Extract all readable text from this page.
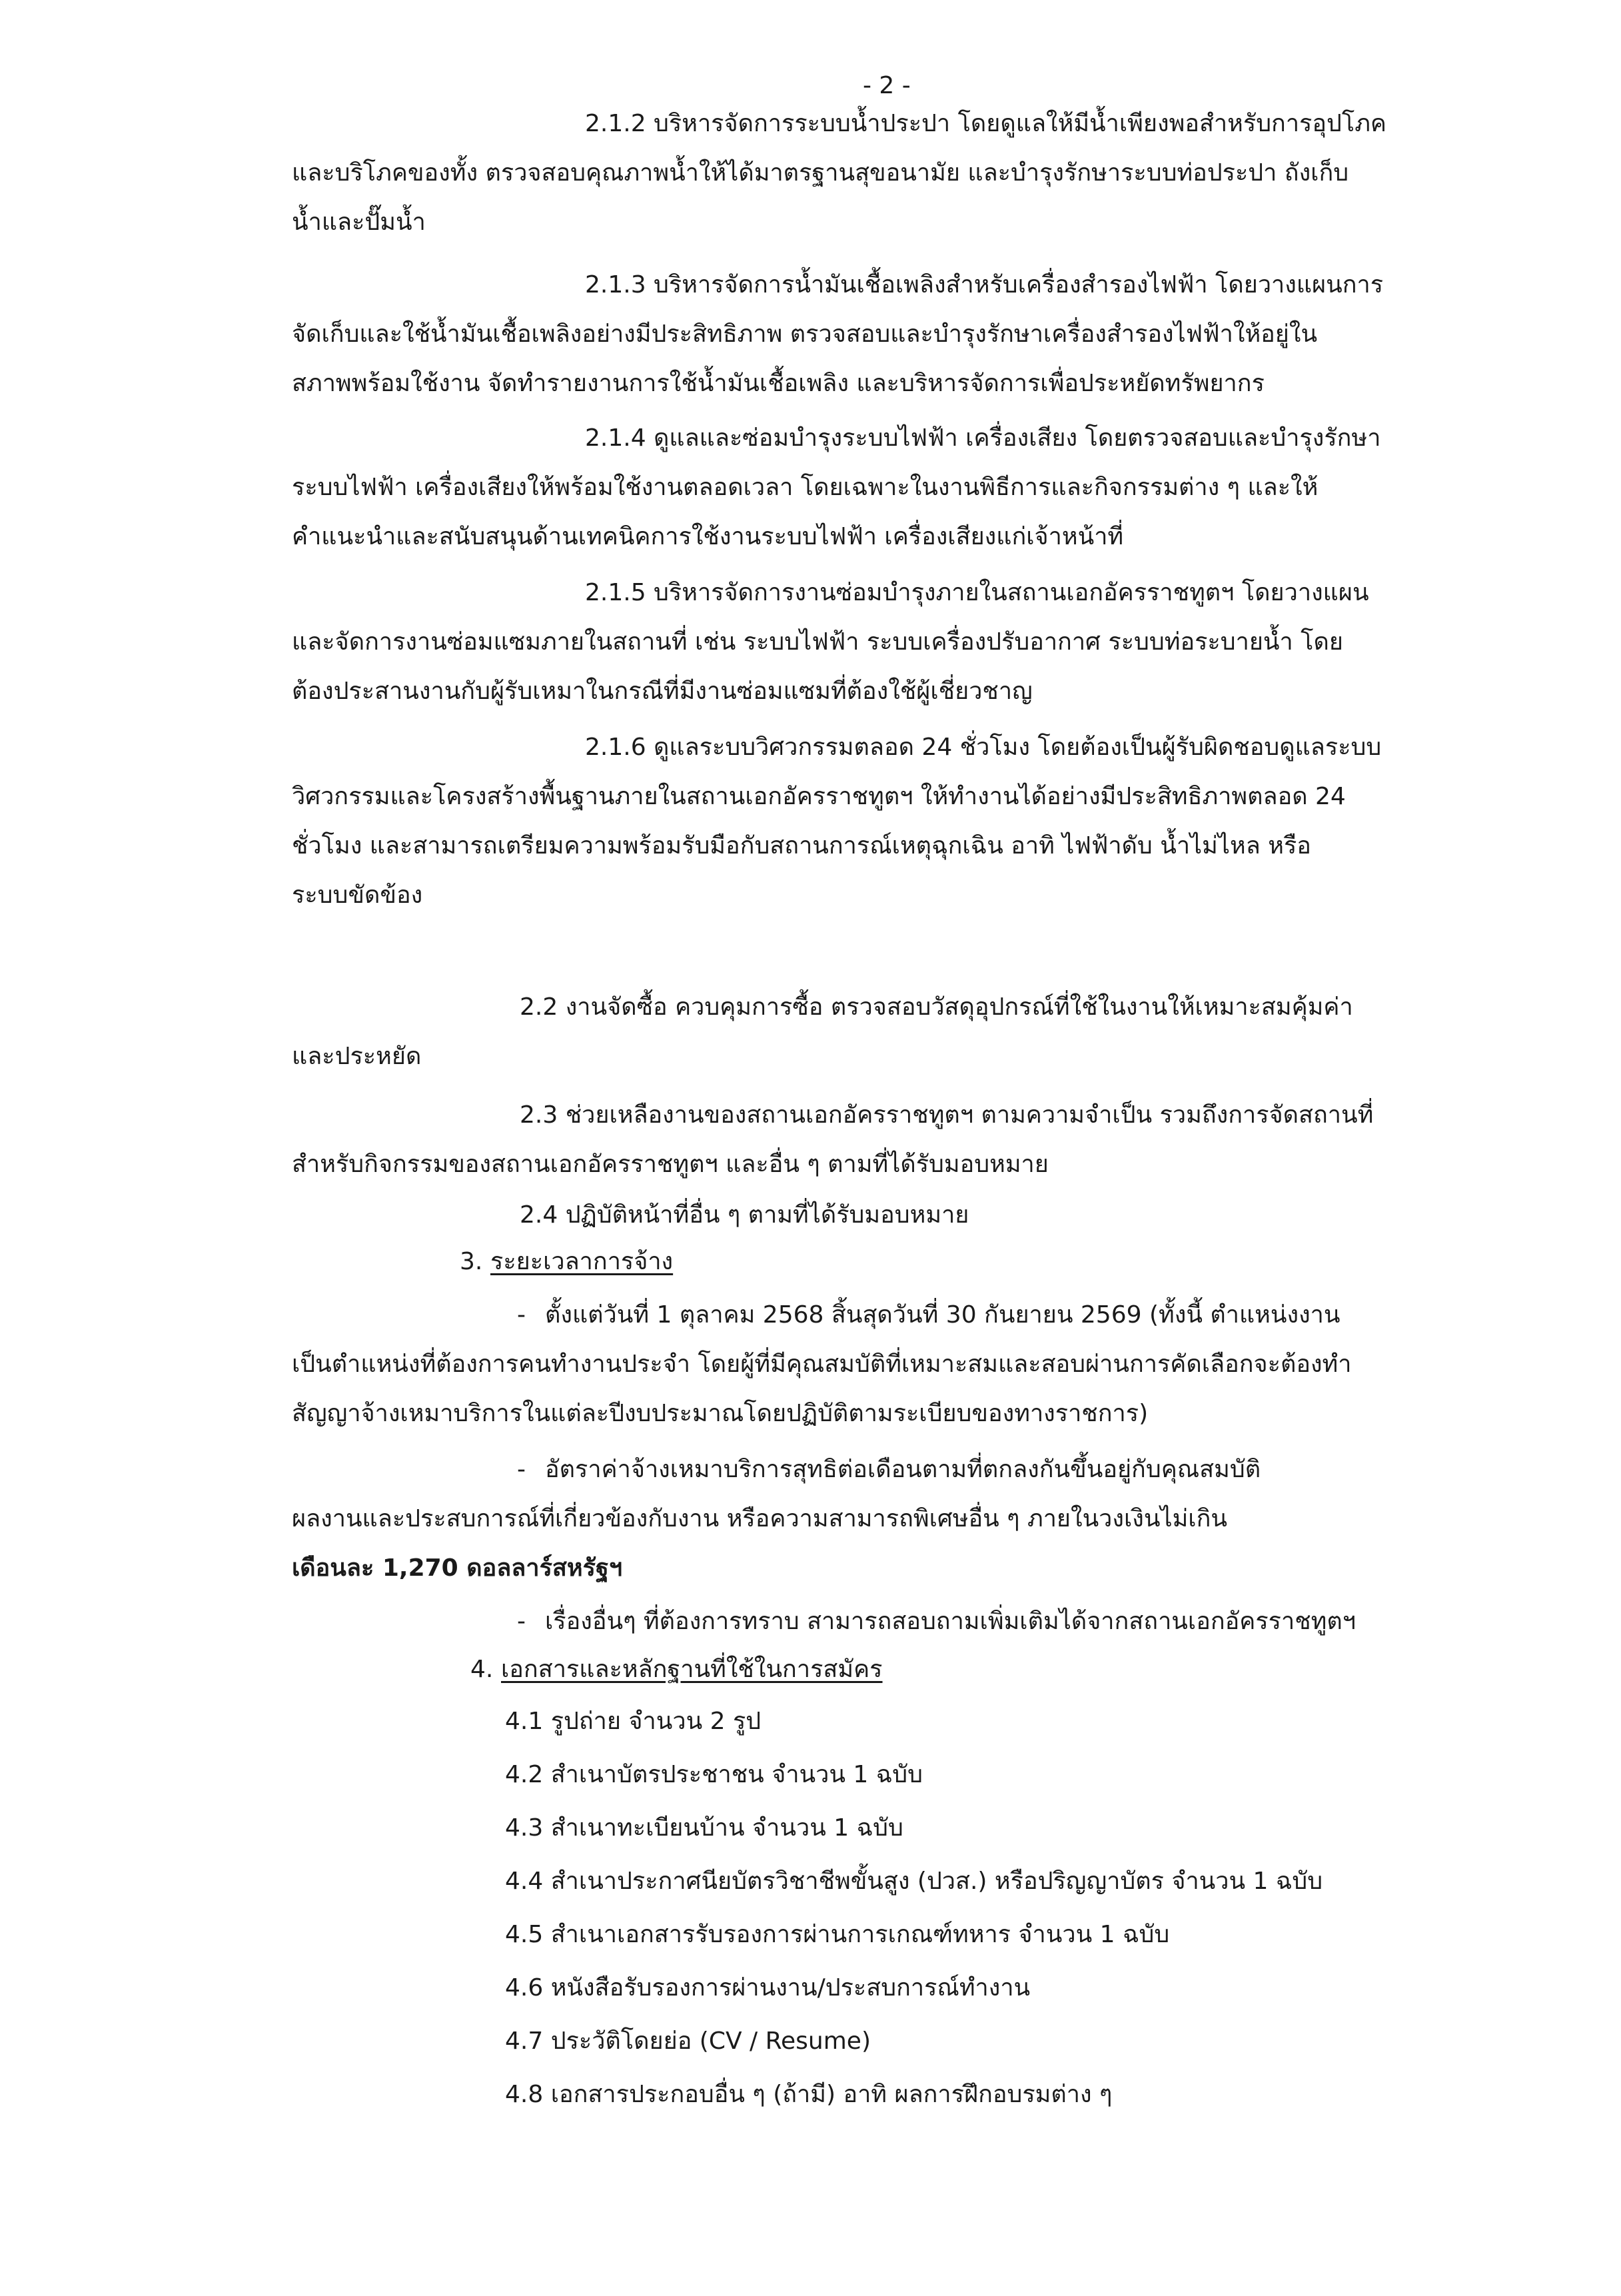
- 2 -
2.1.2 บริหารจัดการระบบน้ำประปา โดยดูแลให้มีน้ำเพียงพอสำหรับการอุปโภค
และบริโภคของทั้ง ตรวจสอบคุณภาพน้ำให้ได้มาตรฐานสุขอนามัย และบำรุงรักษาระบบท่อประปา ถังเก็บ
น้ำและปั๊มน้ำ
2.1.3 บริหารจัดการน้ำมันเชื้อเพลิงสำหรับเครื่องสำรองไฟฟ้า โดยวางแผนการ
จัดเก็บและใช้น้ำมันเชื้อเพลิงอย่างมีประสิทธิภาพ ตรวจสอบและบำรุงรักษาเครื่องสำรองไฟฟ้าให้อยู่ใน
สภาพพร้อมใช้งาน จัดทำรายงานการใช้น้ำมันเชื้อเพลิง และบริหารจัดการเพื่อประหยัดทรัพยากร
2.1.4 ดูแลและซ่อมบำรุงระบบไฟฟ้า เครื่องเสียง โดยตรวจสอบและบำรุงรักษา
ระบบไฟฟ้า เครื่องเสียงให้พร้อมใช้งานตลอดเวลา โดยเฉพาะในงานพิธีการและกิจกรรมต่าง ๆ และให้
คำแนะนำและสนับสนุนด้านเทคนิคการใช้งานระบบไฟฟ้า เครื่องเสียงแก่เจ้าหน้าที่
2.1.5 บริหารจัดการงานซ่อมบำรุงภายในสถานเอกอัครราชทูตฯ โดยวางแผน
และจัดการงานซ่อมแซมภายในสถานที่ เช่น ระบบไฟฟ้า ระบบเครื่องปรับอากาศ ระบบท่อระบายน้ำ โดย
ต้องประสานงานกับผู้รับเหมาในกรณีที่มีงานซ่อมแซมที่ต้องใช้ผู้เชี่ยวชาญ
2.1.6 ดูแลระบบวิศวกรรมตลอด 24 ชั่วโมง โดยต้องเป็นผู้รับผิดชอบดูแลระบบ
วิศวกรรมและโครงสร้างพื้นฐานภายในสถานเอกอัครราชทูตฯ ให้ทำงานได้อย่างมีประสิทธิภาพตลอด 24
ชั่วโมง และสามารถเตรียมความพร้อมรับมือกับสถานการณ์เหตุฉุกเฉิน อาทิ ไฟฟ้าดับ น้ำไม่ไหล หรือ
ระบบขัดข้อง
2.2 งานจัดซื้อ ควบคุมการซื้อ ตรวจสอบวัสดุอุปกรณ์ที่ใช้ในงานให้เหมาะสมคุ้มค่า
และประหยัด
2.3 ช่วยเหลืองานของสถานเอกอัครราชทูตฯ ตามความจำเป็น รวมถึงการจัดสถานที่
สำหรับกิจกรรมของสถานเอกอัครราชทูตฯ และอื่น ๆ ตามที่ได้รับมอบหมาย
2.4 ปฏิบัติหน้าที่อื่น ๆ ตามที่ได้รับมอบหมาย
3. ระยะเวลาการจ้าง
- ตั้งแต่วันที่ 1 ตุลาคม 2568 สิ้นสุดวันที่ 30 กันยายน 2569 (ทั้งนี้ ตำแหน่งงาน
เป็นตำแหน่งที่ต้องการคนทำงานประจำ โดยผู้ที่มีคุณสมบัติที่เหมาะสมและสอบผ่านการคัดเลือกจะต้องทำ
สัญญาจ้างเหมาบริการในแต่ละปีงบประมาณโดยปฏิบัติตามระเบียบของทางราชการ)
- อัตราค่าจ้างเหมาบริการสุทธิต่อเดือนตามที่ตกลงกันขึ้นอยู่กับคุณสมบัติ
ผลงานและประสบการณ์ที่เกี่ยวข้องกับงาน หรือความสามารถพิเศษอื่น ๆ ภายในวงเงินไม่เกิน
เดือนละ 1,270 ดอลลาร์สหรัฐฯ
- เรื่องอื่นๆ ที่ต้องการทราบ สามารถสอบถามเพิ่มเติมได้จากสถานเอกอัครราชทูตฯ
4. เอกสารและหลักฐานที่ใช้ในการสมัคร
4.1 รูปถ่าย จำนวน 2 รูป
4.2 สำเนาบัตรประชาชน จำนวน 1 ฉบับ
4.3 สำเนาทะเบียนบ้าน จำนวน 1 ฉบับ
4.4 สำเนาประกาศนียบัตรวิชาชีพขั้นสูง (ปวส.) หรือปริญญาบัตร จำนวน 1 ฉบับ
4.5 สำเนาเอกสารรับรองการผ่านการเกณฑ์ทหาร จำนวน 1 ฉบับ
4.6 หนังสือรับรองการผ่านงาน/ประสบการณ์ทำงาน
4.7 ประวัติโดยย่อ (CV / Resume)
4.8 เอกสารประกอบอื่น ๆ (ถ้ามี) อาทิ ผลการฝึกอบรมต่าง ๆ
